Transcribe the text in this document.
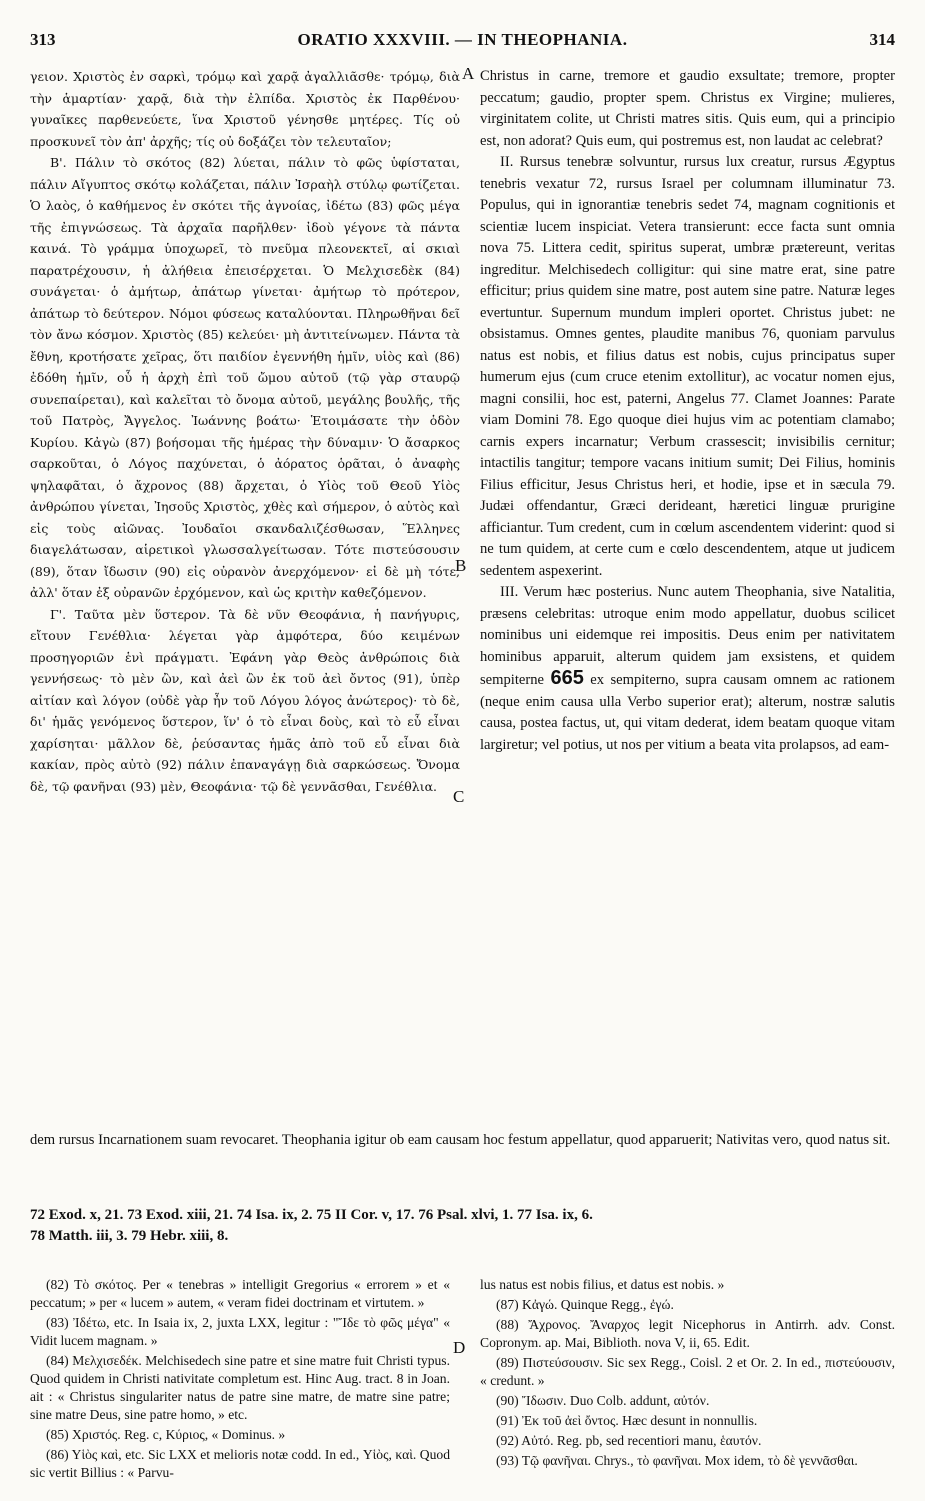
313	ORATIO XXXVIII. — IN THEOPHANIA.	314

γειον. Χριστὸς ἐν σαρκὶ, τρόμῳ καὶ χαρᾷ ἀγαλλιᾶσθε· τρόμῳ, διὰ τὴν ἁμαρτίαν· χαρᾷ, διὰ τὴν ἐλπίδα. Χριστὸς ἐκ Παρθένου· γυναῖκες παρθενεύετε, ἵνα Χριστοῦ γένησθε μητέρες. Τίς οὐ προσκυνεῖ τὸν ἀπ' ἀρχῆς; τίς οὐ δοξάζει τὸν τελευταῖον;

Β'. Πάλιν τὸ σκότος (82) λύεται, πάλιν τὸ φῶς ὑφίσταται, πάλιν Αἴγυπτος σκότῳ κολάζεται, πάλιν Ἰσραὴλ στύλῳ φωτίζεται. Ὁ λαὸς, ὁ καθήμενος ἐν σκότει τῆς ἀγνοίας, ἰδέτω (83) φῶς μέγα τῆς ἐπιγνώσεως. Τὰ ἀρχαῖα παρῆλθεν· ἰδοὺ γέγονε τὰ πάντα καινά. Τὸ γράμμα ὑποχωρεῖ, τὸ πνεῦμα πλεονεκτεῖ, αἱ σκιαὶ παρατρέχουσιν, ἡ ἀλήθεια ἐπεισέρχεται. Ὁ Μελχισεδὲκ (84) συνάγεται· ὁ ἀμήτωρ, ἀπάτωρ γίνεται· ἀμήτωρ τὸ πρότερον, ἀπάτωρ τὸ δεύτερον. Νόμοι φύσεως καταλύονται. Πληρωθῆναι δεῖ τὸν ἄνω κόσμον. Χριστὸς (85) κελεύει· μὴ ἀντιτείνωμεν. Πάντα τὰ ἔθνη, κροτήσατε χεῖρας, ὅτι παιδίον ἐγεννήθη ἡμῖν, υἱὸς καὶ (86) ἐδόθη ἡμῖν, οὗ ἡ ἀρχὴ ἐπὶ τοῦ ὤμου αὐτοῦ (τῷ γὰρ σταυρῷ συνεπαίρεται), καὶ καλεῖται τὸ ὄνομα αὐτοῦ, μεγάλης βουλῆς, τῆς τοῦ Πατρὸς, Ἄγγελος. Ἰωάννης βοάτω· Ἑτοιμάσατε τὴν ὁδὸν Κυρίου. Κἀγὼ (87) βοήσομαι τῆς ἡμέρας τὴν δύναμιν· Ὁ ἄσαρκος σαρκοῦται, ὁ Λόγος παχύνεται, ὁ ἀόρατος ὁρᾶται, ὁ ἀναφὴς ψηλαφᾶται, ὁ ἄχρονος (88) ἄρχεται, ὁ Υἱὸς τοῦ Θεοῦ Υἱὸς ἀνθρώπου γίνεται, Ἰησοῦς Χριστὸς, χθὲς καὶ σήμερον, ὁ αὐτὸς καὶ εἰς τοὺς αἰῶνας. Ἰουδαῖοι σκανδαλιζέσθωσαν, Ἕλληνες διαγελάτωσαν, αἱρετικοὶ γλωσσαλγείτωσαν. Τότε πιστεύσουσιν (89), ὅταν ἴδωσιν (90) εἰς οὐρανὸν ἀνερχόμενον· εἰ δὲ μὴ τότε, ἀλλ' ὅταν ἐξ οὐρανῶν ἐρχόμενον, καὶ ὡς κριτὴν καθεζόμενον.

Γ'. Ταῦτα μὲν ὕστερον. Τὰ δὲ νῦν Θεοφάνια, ἡ πανήγυρις, εἴτουν Γενέθλια· λέγεται γὰρ ἀμφότερα, δύο κειμένων προσηγοριῶν ἑνὶ πράγματι. Ἐφάνη γὰρ Θεὸς ἀνθρώποις διὰ γεννήσεως· τὸ μὲν ὢν, καὶ ἀεὶ ὢν ἐκ τοῦ ἀεὶ ὄντος (91), ὑπὲρ αἰτίαν καὶ λόγον (οὐδὲ γὰρ ἦν τοῦ Λόγου λόγος ἀνώτερος)· τὸ δὲ, δι' ἡμᾶς γενόμενος ὕστερον, ἵν' ὁ τὸ εἶναι δοὺς, καὶ τὸ εὖ εἶναι χαρίσηται· μᾶλλον δὲ, ῥεύσαντας ἡμᾶς ἀπὸ τοῦ εὖ εἶναι διὰ κακίαν, πρὸς αὐτὸ (92) πάλιν ἐπαναγάγῃ διὰ σαρκώσεως. Ὄνομα δὲ, τῷ φανῆναι (93) μὲν, Θεοφάνια· τῷ δὲ γεννᾶσθαι, Γενέθλια.

A
B
C
D

Christus in carne, tremore et gaudio exsultate; tremore, propter peccatum; gaudio, propter spem. Christus ex Virgine; mulieres, virginitatem colite, ut Christi matres sitis. Quis eum, qui a principio est, non adorat? Quis eum, qui postremus est, non laudat ac celebrat?

II. Rursus tenebræ solvuntur, rursus lux creatur, rursus Ægyptus tenebris vexatur 72, rursus Israel per columnam illuminatur 73. Populus, qui in ignorantiæ tenebris sedet 74, magnam cognitionis et scientiæ lucem inspiciat. Vetera transierunt: ecce facta sunt omnia nova 75. Littera cedit, spiritus superat, umbræ prætereunt, veritas ingreditur. Melchisedech colligitur: qui sine matre erat, sine patre efficitur; prius quidem sine matre, post autem sine patre. Naturæ leges evertuntur. Supernum mundum impleri oportet. Christus jubet: ne obsistamus. Omnes gentes, plaudite manibus 76, quoniam parvulus natus est nobis, et filius datus est nobis, cujus principatus super humerum ejus (cum cruce etenim extollitur), ac vocatur nomen ejus, magni consilii, hoc est, paterni, Angelus 77. Clamet Joannes: Parate viam Domini 78. Ego quoque diei hujus vim ac potentiam clamabo; carnis expers incarnatur; Verbum crassescit; invisibilis cernitur; intactilis tangitur; tempore vacans initium sumit; Dei Filius, hominis Filius efficitur, Jesus Christus heri, et hodie, ipse et in sæcula 79. Judæi offendantur, Græci derideant, hæretici linguæ prurigine afficiantur. Tum credent, cum in cœlum ascendentem viderint: quod si ne tum quidem, at certe cum e cœlo descendentem, atque ut judicem sedentem aspexerint.

III. Verum hæc posterius. Nunc autem Theophania, sive Natalitia, præsens celebritas: utroque enim modo appellatur, duobus scilicet nominibus uni eidemque rei impositis. Deus enim per nativitatem hominibus apparuit, alterum quidem jam exsistens, et quidem sempiterne 665 ex sempiterno, supra causam omnem ac rationem (neque enim causa ulla Verbo superior erat); alterum, nostræ salutis causa, postea factus, ut, qui vitam dederat, idem beatam quoque vitam largiretur; vel potius, ut nos per vitium a beata vita prolapsos, ad eam-

dem rursus Incarnationem suam revocaret. Theophania igitur ob eam causam hoc festum appellatur, quod apparuerit; Nativitas vero, quod natus sit.
72 Exod. x, 21. 73 Exod. xiii, 21. 74 Isa. ix, 2. 75 II Cor. v, 17. 76 Psal. xlvi, 1. 77 Isa. ix, 6.
78 Matth. iii, 3. 79 Hebr. xiii, 8.

(82) Τὸ σκότος. Per « tenebras » intelligit Gregorius « errorem » et « peccatum; » per « lucem » autem, « veram fidei doctrinam et virtutem. »

(83) Ἰδέτω, etc. In Isaia ix, 2, juxta LXX, legitur : "Ἴδε τὸ φῶς μέγα" « Vidit lucem magnam. »

(84) Μελχισεδέκ. Melchisedech sine patre et sine matre fuit Christi typus. Quod quidem in Christi nativitate completum est. Hinc Aug. tract. 8 in Joan. ait : « Christus singulariter natus de patre sine matre, de matre sine patre; sine matre Deus, sine patre homo, » etc.

(85) Χριστός. Reg. c, Κύριος, « Dominus. »

(86) Υἱὸς καὶ, etc. Sic LXX et melioris notæ codd. In ed., Υἱὸς, καὶ. Quod sic vertit Billius : « Parvu-

lus natus est nobis filius, et datus est nobis. »

(87) Κἀγώ. Quinque Regg., ἐγώ.

(88) Ἄχρονος. Ἄναρχος legit Nicephorus in Antirrh. adv. Const. Copronym. ap. Mai, Biblioth. nova V, ii, 65. Edit.

(89) Πιστεύσουσιν. Sic sex Regg., Coisl. 2 et Or. 2. In ed., πιστεύουσιν, « credunt. »

(90) Ἴδωσιν. Duo Colb. addunt, αὐτόν.

(91) Ἐκ τοῦ ἀεὶ ὄντος. Hæc desunt in nonnullis.

(92) Αὐτό. Reg. pb, sed recentiori manu, ἑαυτόν.

(93) Τῷ φανῆναι. Chrys., τὸ φανῆναι. Mox idem, τὸ δὲ γεννᾶσθαι.
